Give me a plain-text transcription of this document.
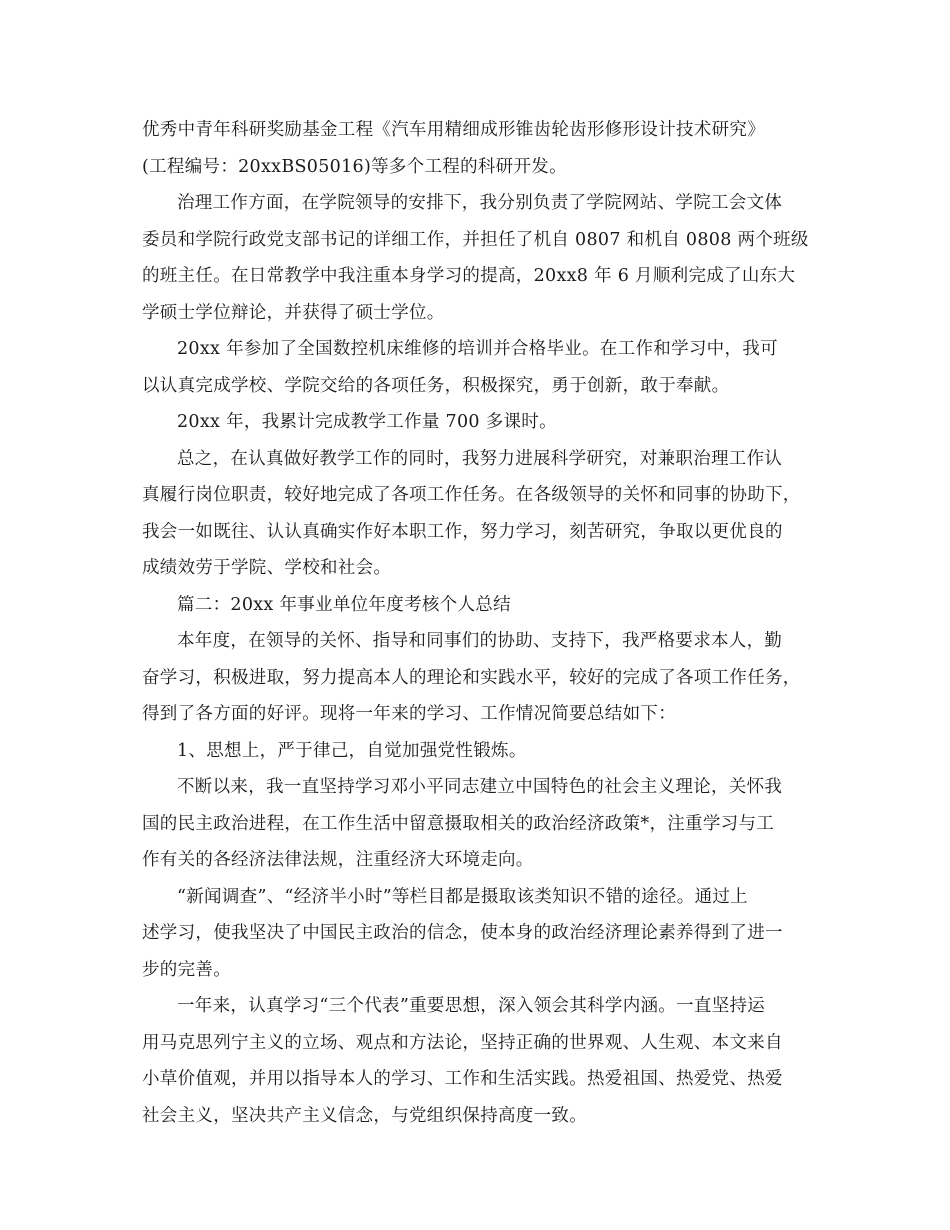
优秀中青年科研奖励基金工程《汽车用精细成形锥齿轮齿形修形设计技术研究》
(工程编号：20xxBS05016)等多个工程的科研开发。
治理工作方面，在学院领导的安排下，我分别负责了学院网站、学院工会文体
委员和学院行政党支部书记的详细工作，并担任了机自 0807 和机自 0808 两个班级
的班主任。在日常教学中我注重本身学习的提高，20xx8 年 6 月顺利完成了山东大
学硕士学位辩论，并获得了硕士学位。
20xx 年参加了全国数控机床维修的培训并合格毕业。在工作和学习中，我可
以认真完成学校、学院交给的各项任务，积极探究，勇于创新，敢于奉献。
20xx 年，我累计完成教学工作量 700 多课时。
总之，在认真做好教学工作的同时，我努力进展科学研究，对兼职治理工作认
真履行岗位职责，较好地完成了各项工作任务。在各级领导的关怀和同事的协助下，
我会一如既往、认认真确实作好本职工作，努力学习，刻苦研究，争取以更优良的
成绩效劳于学院、学校和社会。
篇二：20xx 年事业单位年度考核个人总结
本年度，在领导的关怀、指导和同事们的协助、支持下，我严格要求本人，勤
奋学习，积极进取，努力提高本人的理论和实践水平，较好的完成了各项工作任务，
得到了各方面的好评。现将一年来的学习、工作情况简要总结如下：
1、思想上，严于律己，自觉加强党性锻炼。
不断以来，我一直坚持学习邓小平同志建立中国特色的社会主义理论，关怀我
国的民主政治进程，在工作生活中留意摄取相关的政治经济政策*，注重学习与工
作有关的各经济法律法规，注重经济大环境走向。
“新闻调查”、“经济半小时”等栏目都是摄取该类知识不错的途径。通过上
述学习，使我坚决了中国民主政治的信念，使本身的政治经济理论素养得到了进一
步的完善。
一年来，认真学习“三个代表”重要思想，深入领会其科学内涵。一直坚持运
用马克思列宁主义的立场、观点和方法论，坚持正确的世界观、人生观、本文来自
小草价值观，并用以指导本人的学习、工作和生活实践。热爱祖国、热爱党、热爱
社会主义，坚决共产主义信念，与党组织保持高度一致。
